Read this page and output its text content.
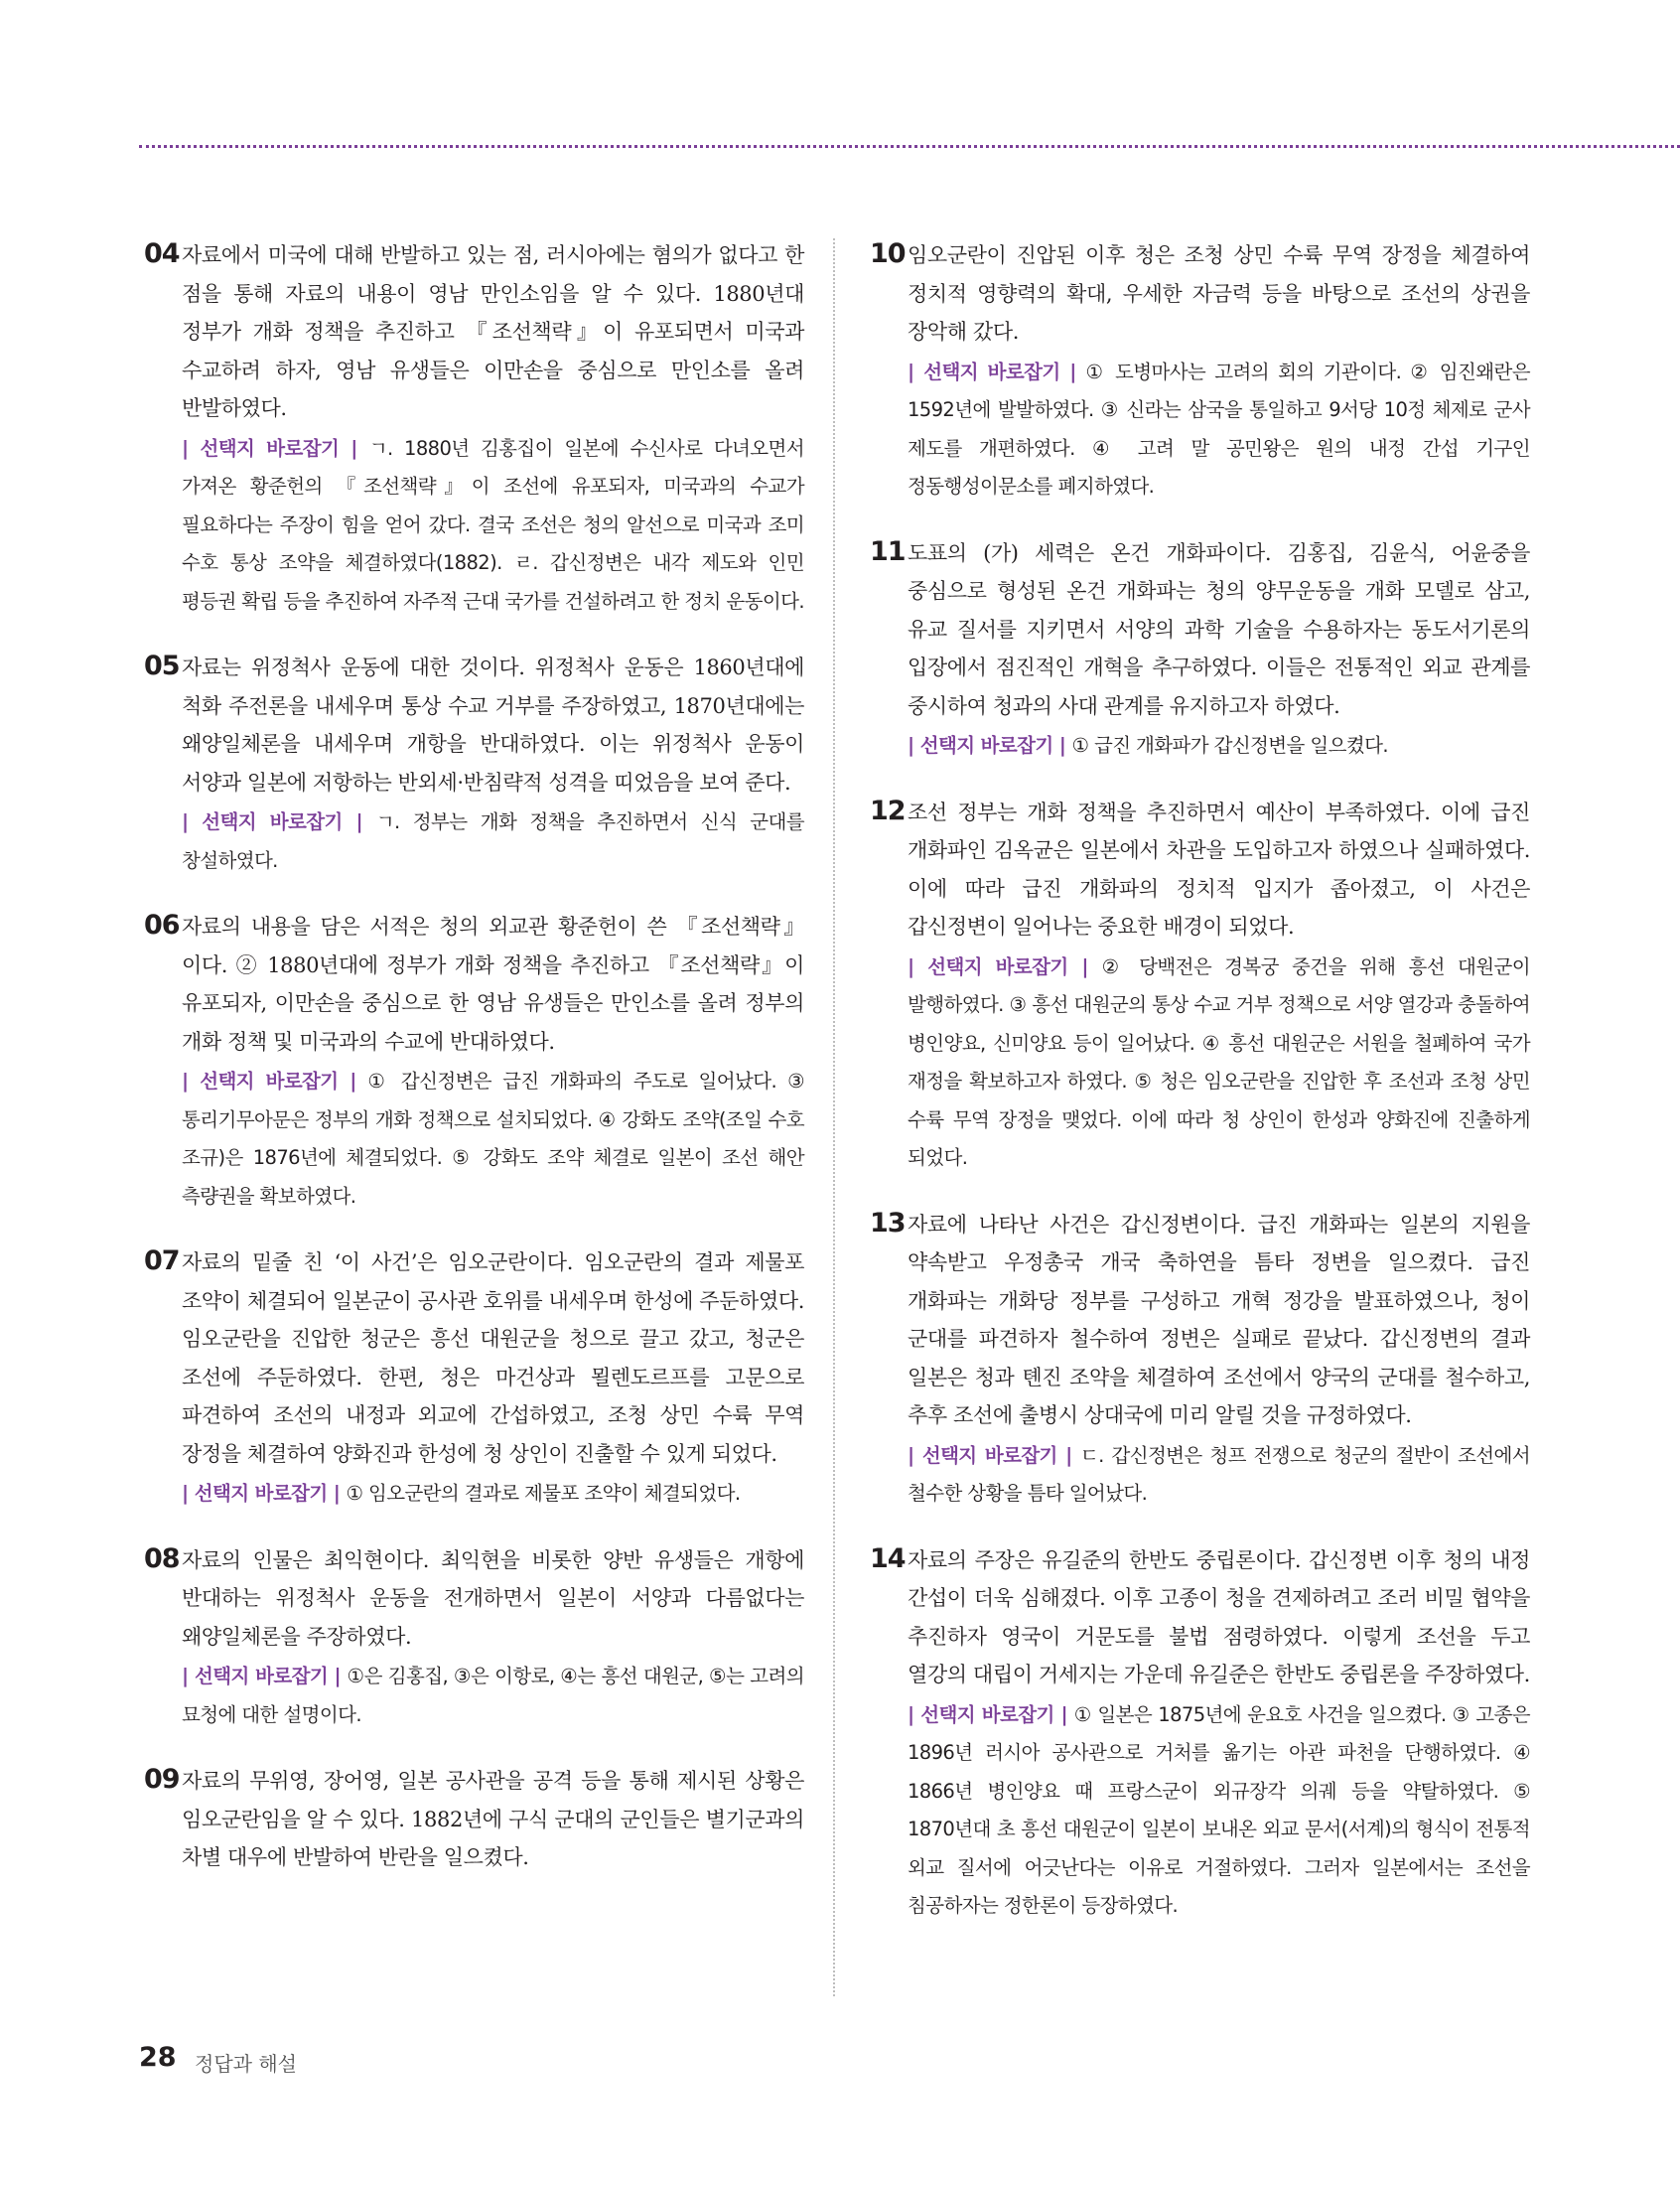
04 자료에서 미국에 대해 반발하고 있는 점, 러시아에는 혐의가 없다고 한 점을 통해 자료의 내용이 영남 만인소임을 알 수 있다. 1880년대 정부가 개화 정책을 추진하고 『조선책략』이 유포되면서 미국과 수교하려 하자, 영남 유생들은 이만손을 중심으로 만인소를 올려 반발하였다.
| 선택지 바로잡기 | ㄱ. 1880년 김홍집이 일본에 수신사로 다녀오면서 가져온 황준헌의 『조선책략』이 조선에 유포되자, 미국과의 수교가 필요하다는 주장이 힘을 얻어 갔다. 결국 조선은 청의 알선으로 미국과 조미 수호 통상 조약을 체결하였다(1882). ㄹ. 갑신정변은 내각 제도와 인민 평등권 확립 등을 추진하여 자주적 근대 국가를 건설하려고 한 정치 운동이다.
05 자료는 위정척사 운동에 대한 것이다. 위정척사 운동은 1860년대에 척화 주전론을 내세우며 통상 수교 거부를 주장하였고, 1870년대에는 왜양일체론을 내세우며 개항을 반대하였다. 이는 위정척사 운동이 서양과 일본에 저항하는 반외세·반침략적 성격을 띠었음을 보여 준다.
| 선택지 바로잡기 | ㄱ. 정부는 개화 정책을 추진하면서 신식 군대를 창설하였다.
06 자료의 내용을 담은 서적은 청의 외교관 황준헌이 쓴 『조선책략』이다. ② 1880년대에 정부가 개화 정책을 추진하고 『조선책략』이 유포되자, 이만손을 중심으로 한 영남 유생들은 만인소를 올려 정부의 개화 정책 및 미국과의 수교에 반대하였다.
| 선택지 바로잡기 | ① 갑신정변은 급진 개화파의 주도로 일어났다. ③ 통리기무아문은 정부의 개화 정책으로 설치되었다. ④ 강화도 조약(조일 수호 조규)은 1876년에 체결되었다. ⑤ 강화도 조약 체결로 일본이 조선 해안 측량권을 확보하였다.
07 자료의 밑줄 친 ‘이 사건’은 임오군란이다. 임오군란의 결과 제물포 조약이 체결되어 일본군이 공사관 호위를 내세우며 한성에 주둔하였다. 임오군란을 진압한 청군은 흥선 대원군을 청으로 끌고 갔고, 청군은 조선에 주둔하였다. 한편, 청은 마건상과 묄렌도르프를 고문으로 파견하여 조선의 내정과 외교에 간섭하였고, 조청 상민 수륙 무역 장정을 체결하여 양화진과 한성에 청 상인이 진출할 수 있게 되었다.
| 선택지 바로잡기 | ① 임오군란의 결과로 제물포 조약이 체결되었다.
08 자료의 인물은 최익현이다. 최익현을 비롯한 양반 유생들은 개항에 반대하는 위정척사 운동을 전개하면서 일본이 서양과 다름없다는 왜양일체론을 주장하였다.
| 선택지 바로잡기 | ①은 김홍집, ③은 이항로, ④는 흥선 대원군, ⑤는 고려의 묘청에 대한 설명이다.
09 자료의 무위영, 장어영, 일본 공사관을 공격 등을 통해 제시된 상황은 임오군란임을 알 수 있다. 1882년에 구식 군대의 군인들은 별기군과의 차별 대우에 반발하여 반란을 일으켰다.
10 임오군란이 진압된 이후 청은 조청 상민 수륙 무역 장정을 체결하여 정치적 영향력의 확대, 우세한 자금력 등을 바탕으로 조선의 상권을 장악해 갔다.
| 선택지 바로잡기 | ① 도병마사는 고려의 회의 기관이다. ② 임진왜란은 1592년에 발발하였다. ③ 신라는 삼국을 통일하고 9서당 10정 체제로 군사 제도를 개편하였다. ④ 고려 말 공민왕은 원의 내정 간섭 기구인 정동행성이문소를 폐지하였다.
11 도표의 (가) 세력은 온건 개화파이다. 김홍집, 김윤식, 어윤중을 중심으로 형성된 온건 개화파는 청의 양무운동을 개화 모델로 삼고, 유교 질서를 지키면서 서양의 과학 기술을 수용하자는 동도서기론의 입장에서 점진적인 개혁을 추구하였다. 이들은 전통적인 외교 관계를 중시하여 청과의 사대 관계를 유지하고자 하였다.
| 선택지 바로잡기 | ① 급진 개화파가 갑신정변을 일으켰다.
12 조선 정부는 개화 정책을 추진하면서 예산이 부족하였다. 이에 급진 개화파인 김옥균은 일본에서 차관을 도입하고자 하였으나 실패하였다. 이에 따라 급진 개화파의 정치적 입지가 좁아졌고, 이 사건은 갑신정변이 일어나는 중요한 배경이 되었다.
| 선택지 바로잡기 | ② 당백전은 경복궁 중건을 위해 흥선 대원군이 발행하였다. ③ 흥선 대원군의 통상 수교 거부 정책으로 서양 열강과 충돌하여 병인양요, 신미양요 등이 일어났다. ④ 흥선 대원군은 서원을 철폐하여 국가 재정을 확보하고자 하였다. ⑤ 청은 임오군란을 진압한 후 조선과 조청 상민 수륙 무역 장정을 맺었다. 이에 따라 청 상인이 한성과 양화진에 진출하게 되었다.
13 자료에 나타난 사건은 갑신정변이다. 급진 개화파는 일본의 지원을 약속받고 우정총국 개국 축하연을 틈타 정변을 일으켰다. 급진 개화파는 개화당 정부를 구성하고 개혁 정강을 발표하였으나, 청이 군대를 파견하자 철수하여 정변은 실패로 끝났다. 갑신정변의 결과 일본은 청과 톈진 조약을 체결하여 조선에서 양국의 군대를 철수하고, 추후 조선에 출병시 상대국에 미리 알릴 것을 규정하였다.
| 선택지 바로잡기 | ㄷ. 갑신정변은 청프 전쟁으로 청군의 절반이 조선에서 철수한 상황을 틈타 일어났다.
14 자료의 주장은 유길준의 한반도 중립론이다. 갑신정변 이후 청의 내정 간섭이 더욱 심해졌다. 이후 고종이 청을 견제하려고 조러 비밀 협약을 추진하자 영국이 거문도를 불법 점령하였다. 이렇게 조선을 두고 열강의 대립이 거세지는 가운데 유길준은 한반도 중립론을 주장하였다.
| 선택지 바로잡기 | ① 일본은 1875년에 운요호 사건을 일으켰다. ③ 고종은 1896년 러시아 공사관으로 거처를 옮기는 아관 파천을 단행하였다. ④ 1866년 병인양요 때 프랑스군이 외규장각 의궤 등을 약탈하였다. ⑤ 1870년대 초 흥선 대원군이 일본이 보내온 외교 문서(서계)의 형식이 전통적 외교 질서에 어긋난다는 이유로 거절하였다. 그러자 일본에서는 조선을 침공하자는 정한론이 등장하였다.
28 정답과 해설
